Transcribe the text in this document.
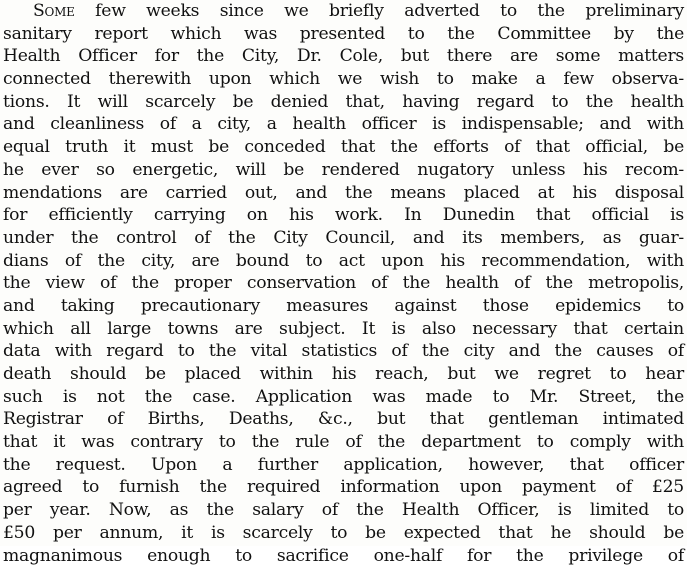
Some few weeks since we briefly adverted to the preliminary
sanitary report which was presented to the Committee by the
Health Officer for the City, Dr. Cole, but there are some matters
connected therewith upon which we wish to make a few observa-
tions. It will scarcely be denied that, having regard to the health
and cleanliness of a city, a health officer is indispensable; and with
equal truth it must be conceded that the efforts of that official, be
he ever so energetic, will be rendered nugatory unless his recom-
mendations are carried out, and the means placed at his disposal
for efficiently carrying on his work. In Dunedin that official is
under the control of the City Council, and its members, as guar-
dians of the city, are bound to act upon his recommendation, with
the view of the proper conservation of the health of the metropolis,
and taking precautionary measures against those epidemics to
which all large towns are subject. It is also necessary that certain
data with regard to the vital statistics of the city and the causes of
death should be placed within his reach, but we regret to hear
such is not the case. Application was made to Mr. Street, the
Registrar of Births, Deaths, &c., but that gentleman intimated
that it was contrary to the rule of the department to comply with
the request. Upon a further application, however, that officer
agreed to furnish the required information upon payment of £25
per year. Now, as the salary of the Health Officer, is limited to
£50 per annum, it is scarcely to be expected that he should be
magnanimous enough to sacrifice one-half for the privilege of
